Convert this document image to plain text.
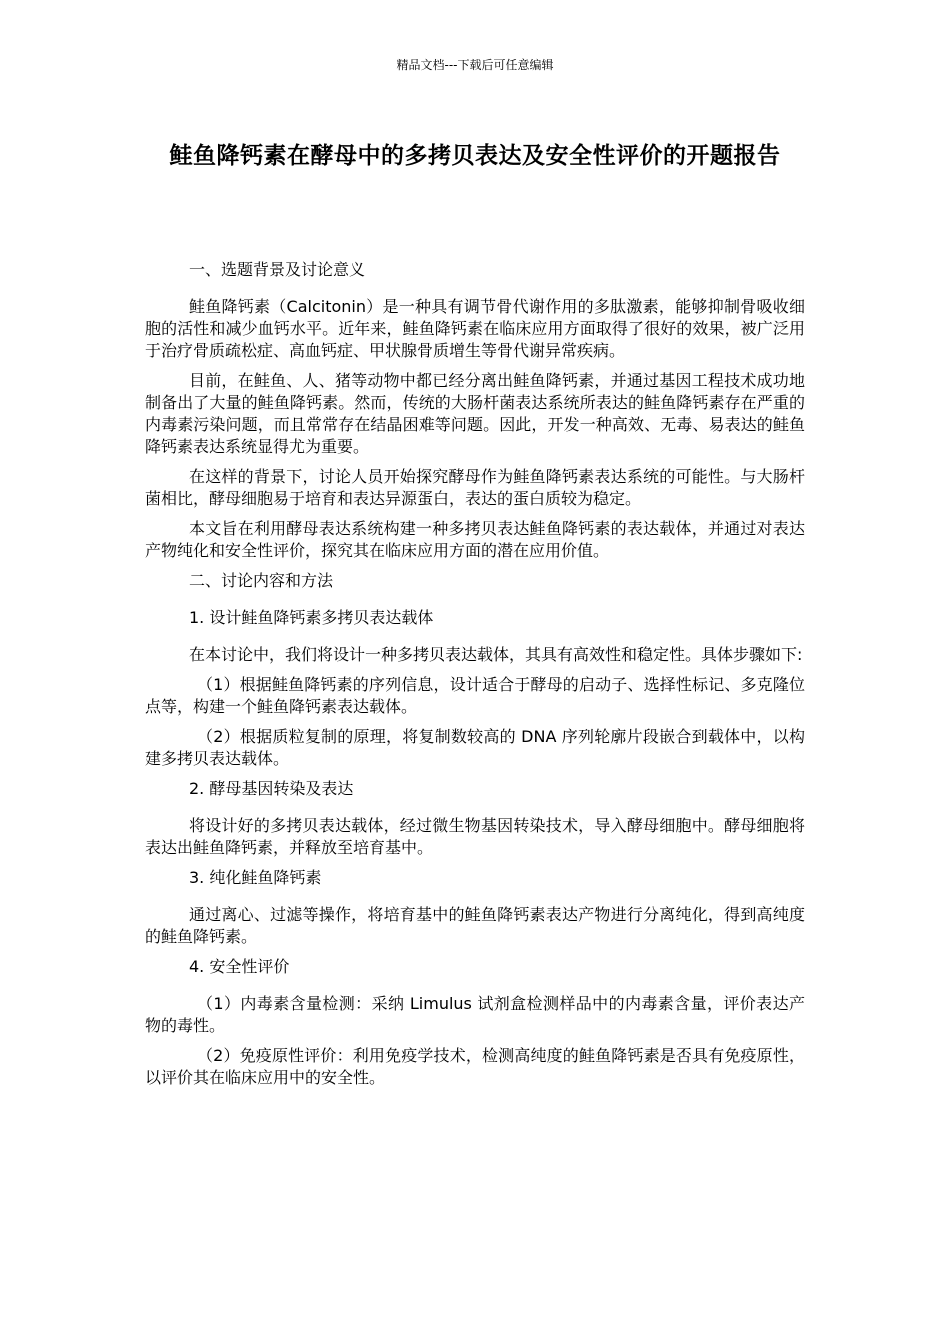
精品文档---下载后可任意编辑
鲑鱼降钙素在酵母中的多拷贝表达及安全性评价的开题报告

一、选题背景及讨论意义

鲑鱼降钙素（Calcitonin）是一种具有调节骨代谢作用的多肽激素，能够抑制骨吸收细胞的活性和减少血钙水平。近年来，鲑鱼降钙素在临床应用方面取得了很好的效果，被广泛用于治疗骨质疏松症、高血钙症、甲状腺骨质增生等骨代谢异常疾病。

目前，在鲑鱼、人、猪等动物中都已经分离出鲑鱼降钙素，并通过基因工程技术成功地制备出了大量的鲑鱼降钙素。然而，传统的大肠杆菌表达系统所表达的鲑鱼降钙素存在严重的内毒素污染问题，而且常常存在结晶困难等问题。因此，开发一种高效、无毒、易表达的鲑鱼降钙素表达系统显得尤为重要。

在这样的背景下，讨论人员开始探究酵母作为鲑鱼降钙素表达系统的可能性。与大肠杆菌相比，酵母细胞易于培育和表达异源蛋白，表达的蛋白质较为稳定。

本文旨在利用酵母表达系统构建一种多拷贝表达鲑鱼降钙素的表达载体，并通过对表达产物纯化和安全性评价，探究其在临床应用方面的潜在应用价值。

二、讨论内容和方法

1. 设计鲑鱼降钙素多拷贝表达载体

在本讨论中，我们将设计一种多拷贝表达载体，其具有高效性和稳定性。具体步骤如下:

（1）根据鲑鱼降钙素的序列信息，设计适合于酵母的启动子、选择性标记、多克隆位点等，构建一个鲑鱼降钙素表达载体。

（2）根据质粒复制的原理，将复制数较高的 DNA 序列轮廓片段嵌合到载体中，以构建多拷贝表达载体。

2. 酵母基因转染及表达

将设计好的多拷贝表达载体，经过微生物基因转染技术，导入酵母细胞中。酵母细胞将表达出鲑鱼降钙素，并释放至培育基中。

3. 纯化鲑鱼降钙素

通过离心、过滤等操作，将培育基中的鲑鱼降钙素表达产物进行分离纯化，得到高纯度的鲑鱼降钙素。

4. 安全性评价

（1）内毒素含量检测：采纳 Limulus 试剂盒检测样品中的内毒素含量，评价表达产物的毒性。

（2）免疫原性评价：利用免疫学技术，检测高纯度的鲑鱼降钙素是否具有免疫原性，以评价其在临床应用中的安全性。
